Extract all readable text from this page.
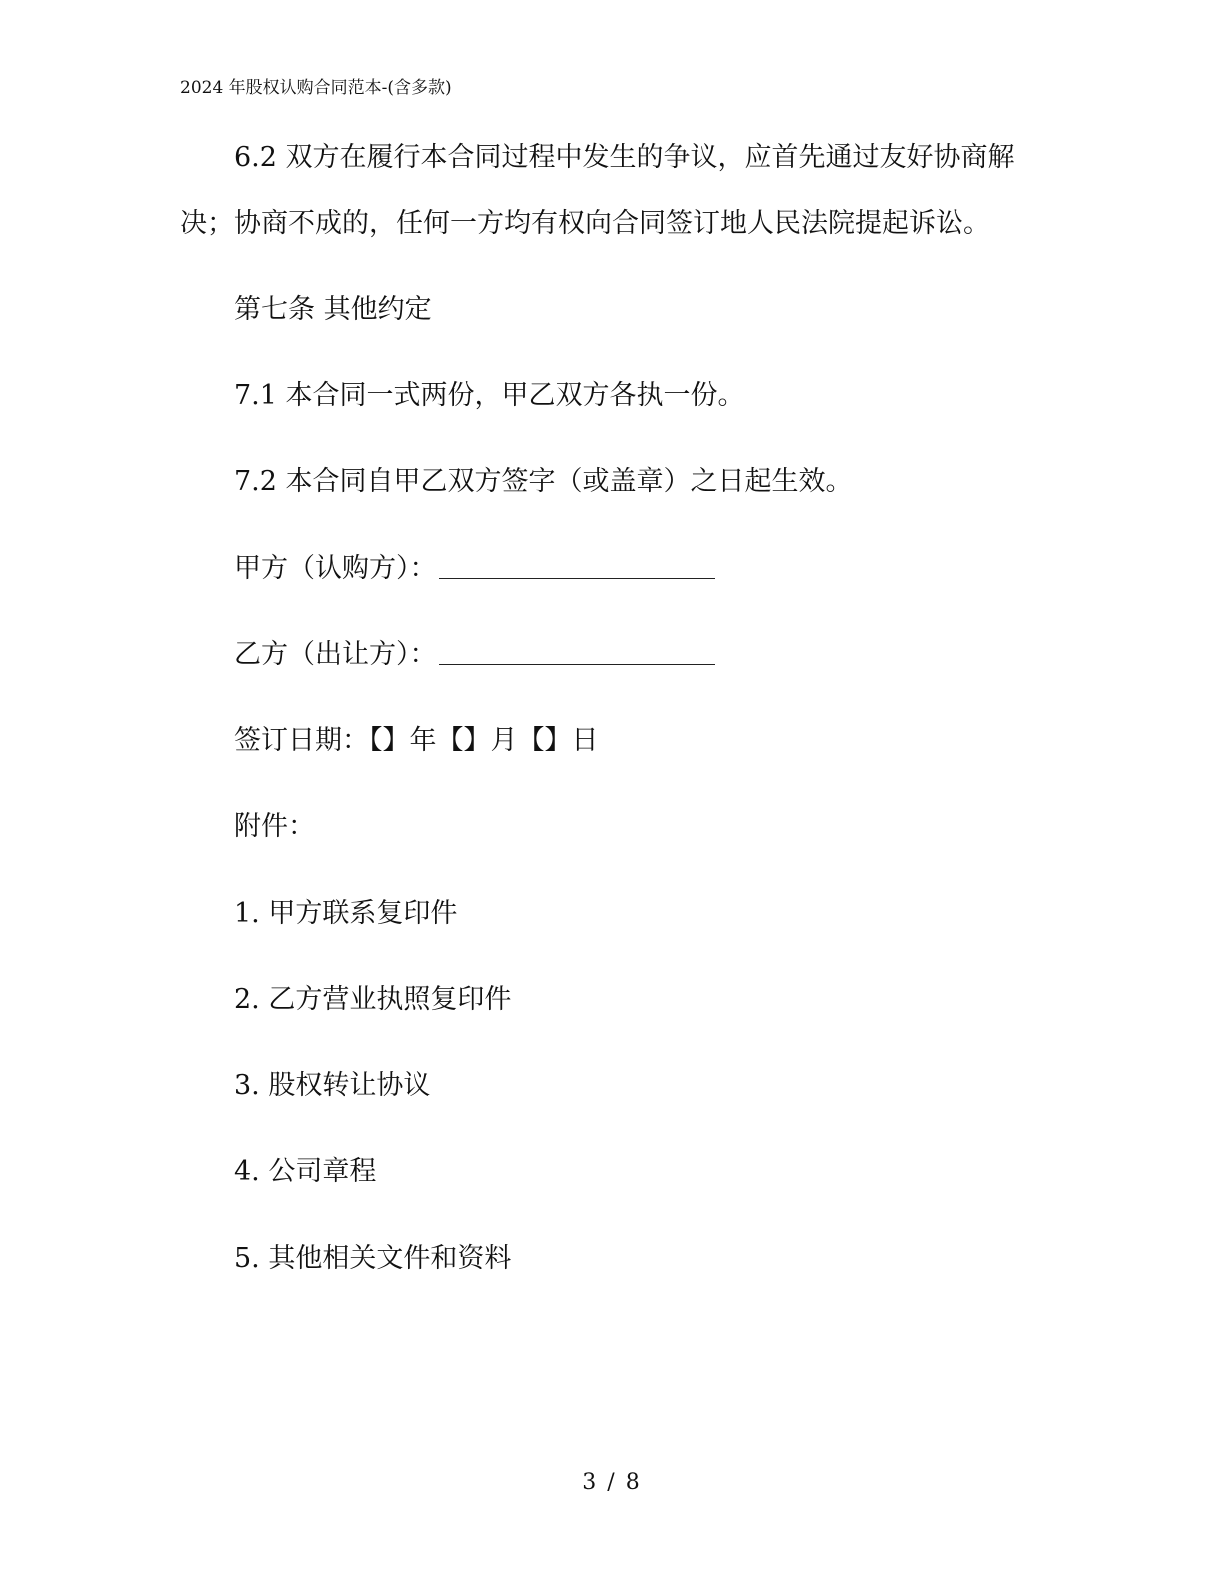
2024 年股权认购合同范本-(含多款)
6.2 双方在履行本合同过程中发生的争议，应首先通过友好协商解
决；协商不成的，任何一方均有权向合同签订地人民法院提起诉讼。
第七条 其他约定
7.1 本合同一式两份，甲乙双方各执一份。
7.2 本合同自甲乙双方签字（或盖章）之日起生效。
甲方（认购方）：
乙方（出让方）：
签订日期：【】年【】月【】日
附件：
1. 甲方联系复印件
2. 乙方营业执照复印件
3. 股权转让协议
4. 公司章程
5. 其他相关文件和资料
3 / 8
